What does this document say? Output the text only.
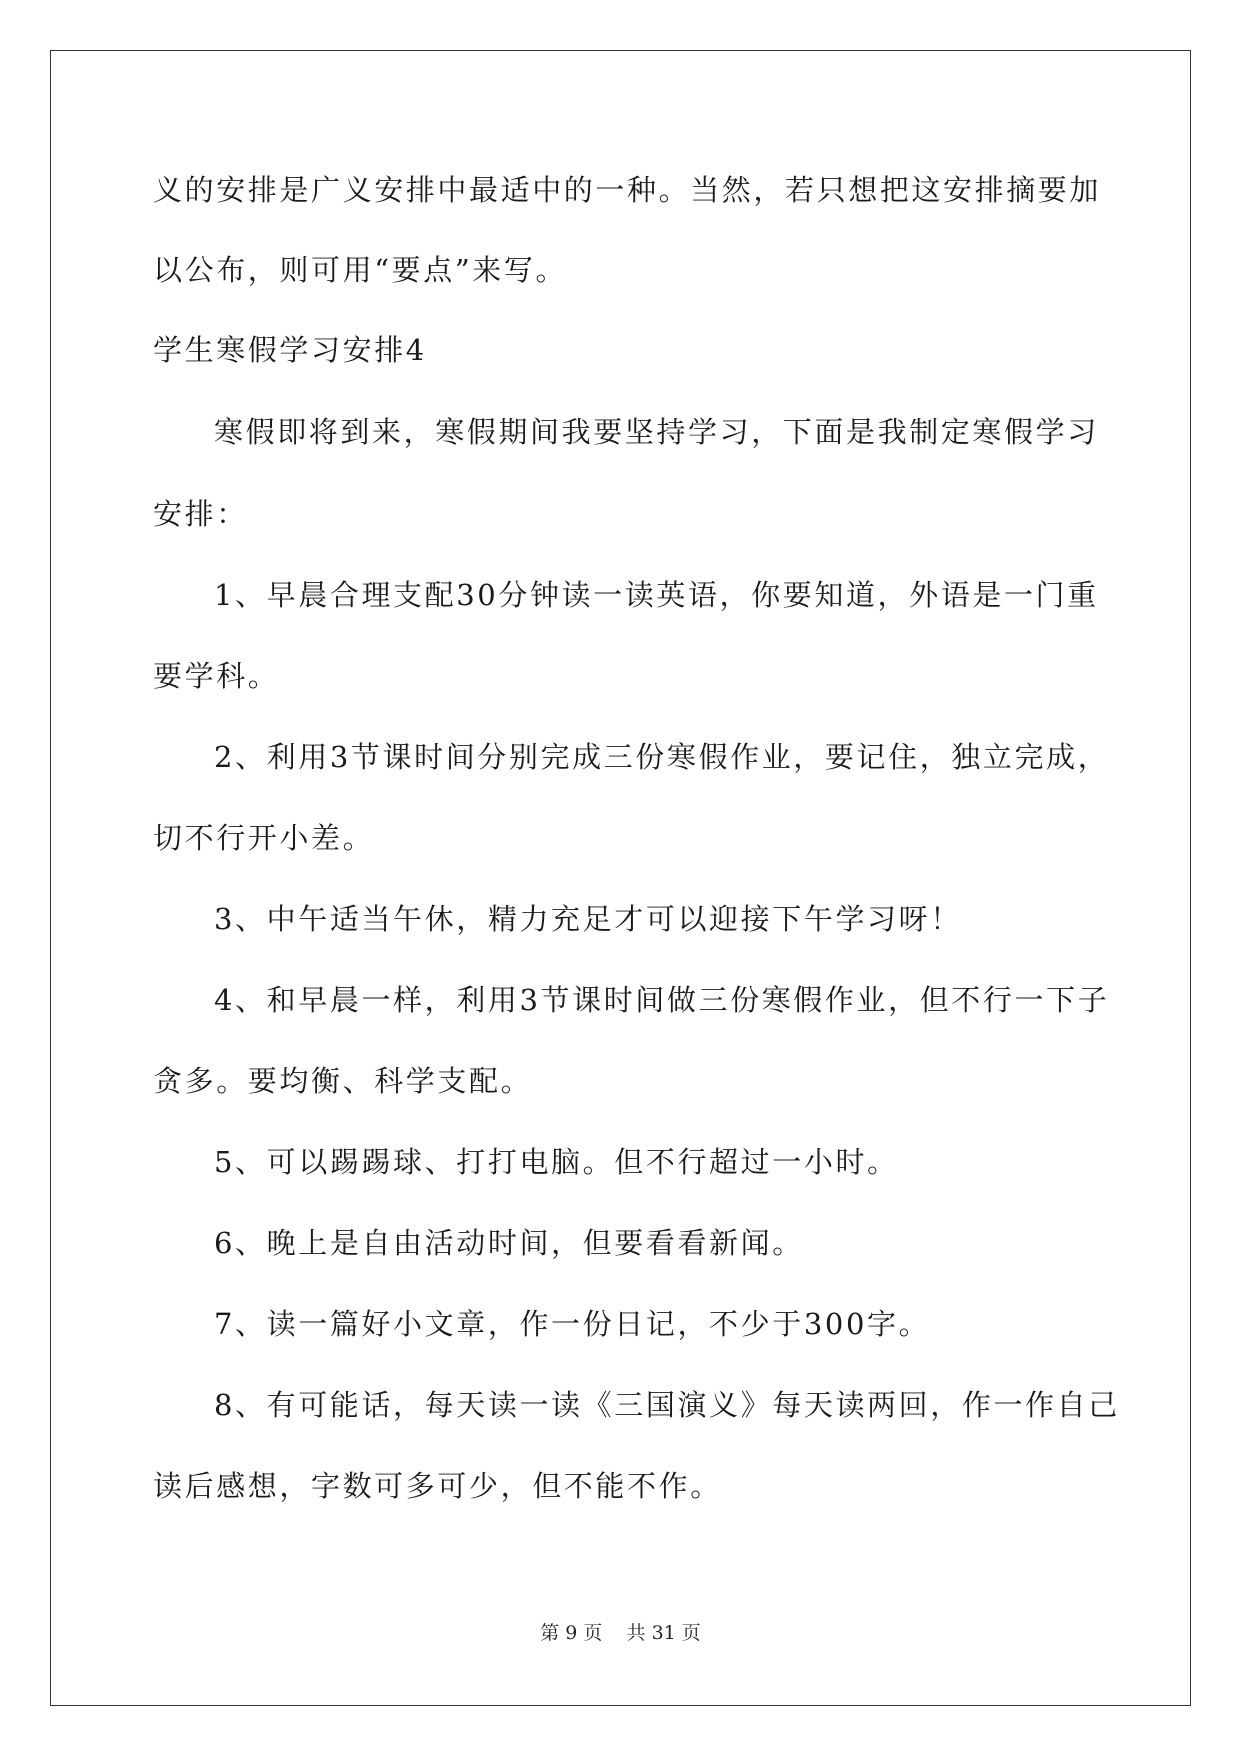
义的安排是广义安排中最适中的一种。当然，若只想把这安排摘要加
以公布，则可用“要点”来写。
学生寒假学习安排4
寒假即将到来，寒假期间我要坚持学习，下面是我制定寒假学习
安排：
1、早晨合理支配30分钟读一读英语，你要知道，外语是一门重
要学科。
2、利用3节课时间分别完成三份寒假作业，要记住，独立完成，
切不行开小差。
3、中午适当午休，精力充足才可以迎接下午学习呀！
4、和早晨一样，利用3节课时间做三份寒假作业，但不行一下子
贪多。要均衡、科学支配。
5、可以踢踢球、打打电脑。但不行超过一小时。
6、晚上是自由活动时间，但要看看新闻。
7、读一篇好小文章，作一份日记，不少于300字。
8、有可能话，每天读一读《三国演义》每天读两回，作一作自己
读后感想，字数可多可少，但不能不作。
第 9 页    共 31 页
